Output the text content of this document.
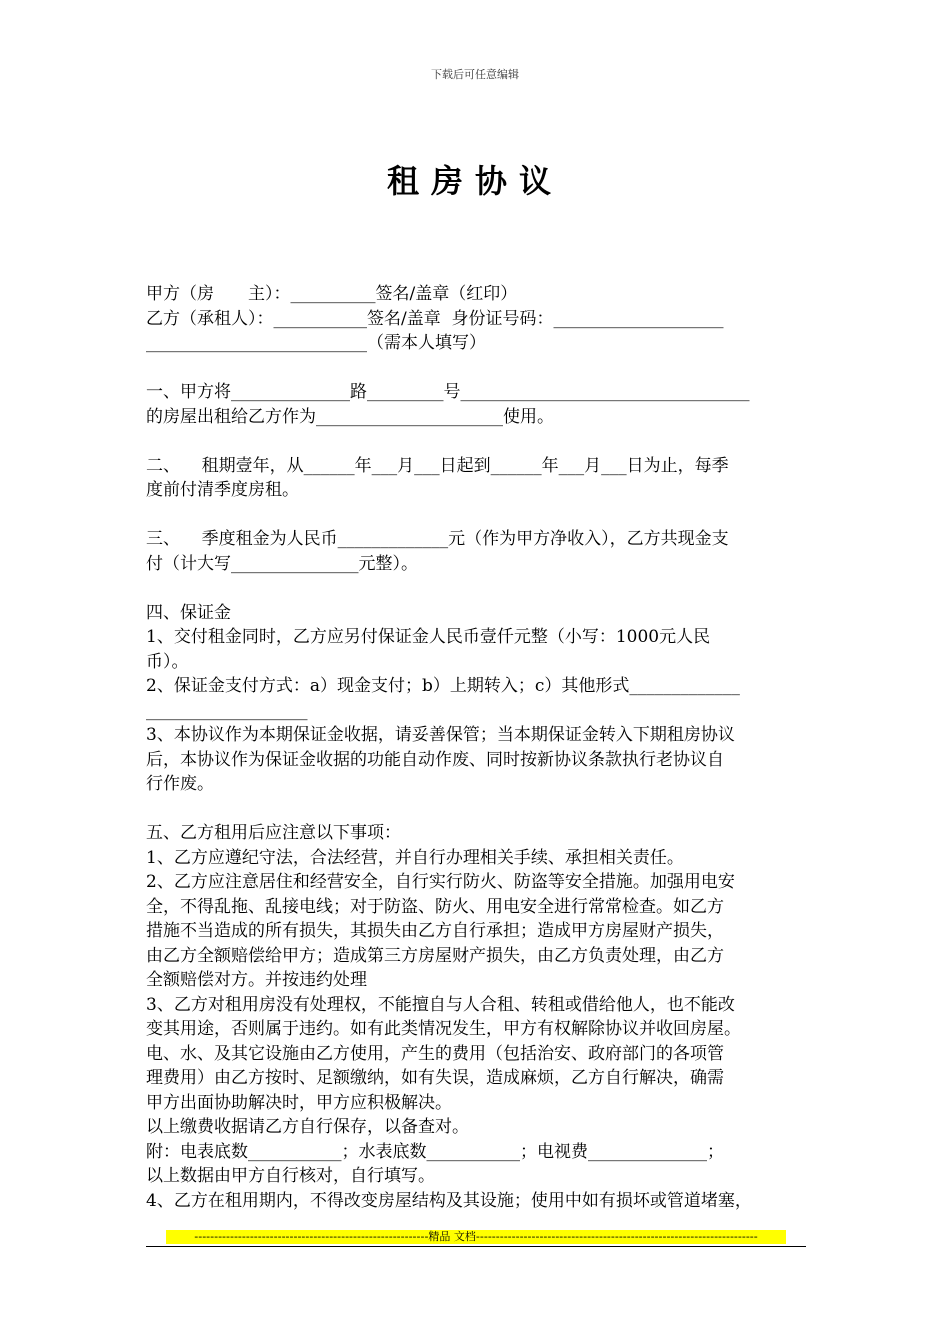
下载后可任意编辑
租房协议

甲方（房　　主）：__________签名/盖章（红印）

乙方（承租人）：___________签名/盖章  身份证号码：____________________

__________________________（需本人填写）

一、甲方将______________路_________号__________________________________

的房屋出租给乙方作为______________________使用。

二、    租期壹年，从______年___月___日起到______年___月___日为止，每季

度前付清季度房租。

三、    季度租金为人民币_____________元（作为甲方净收入），乙方共现金支

付（计大写_______________元整）。

四、保证金

1、交付租金同时，乙方应另付保证金人民币壹仟元整（小写：1000元人民

币）。

2、保证金支付方式：a）现金支付；b）上期转入；c）其他形式_____________

___________________

3、本协议作为本期保证金收据，请妥善保管；当本期保证金转入下期租房协议

后，本协议作为保证金收据的功能自动作废、同时按新协议条款执行老协议自

行作废。

五、乙方租用后应注意以下事项：

1、乙方应遵纪守法，合法经营，并自行办理相关手续、承担相关责任。

2、乙方应注意居住和经营安全，自行实行防火、防盗等安全措施。加强用电安

全，不得乱拖、乱接电线；对于防盗、防火、用电安全进行常常检查。如乙方

措施不当造成的所有损失，其损失由乙方自行承担；造成甲方房屋财产损失，

由乙方全额赔偿给甲方；造成第三方房屋财产损失，由乙方负责处理，由乙方

全额赔偿对方。并按违约处理

3、乙方对租用房没有处理权，不能擅自与人合租、转租或借给他人，也不能改

变其用途，否则属于违约。如有此类情况发生，甲方有权解除协议并收回房屋。

电、水、及其它设施由乙方使用，产生的费用（包括治安、政府部门的各项管

理费用）由乙方按时、足额缴纳，如有失误，造成麻烦，乙方自行解决，确需

甲方出面协助解决时，甲方应积极解决。

以上缴费收据请乙方自行保存，以备查对。

附：电表底数___________；水表底数___________；电视费______________；

以上数据由甲方自行核对，自行填写。

4、乙方在租用期内，不得改变房屋结构及其设施；使用中如有损坏或管道堵塞，

-----------------------------------------------------------精品 文档-----------------------------------------------------------------------
